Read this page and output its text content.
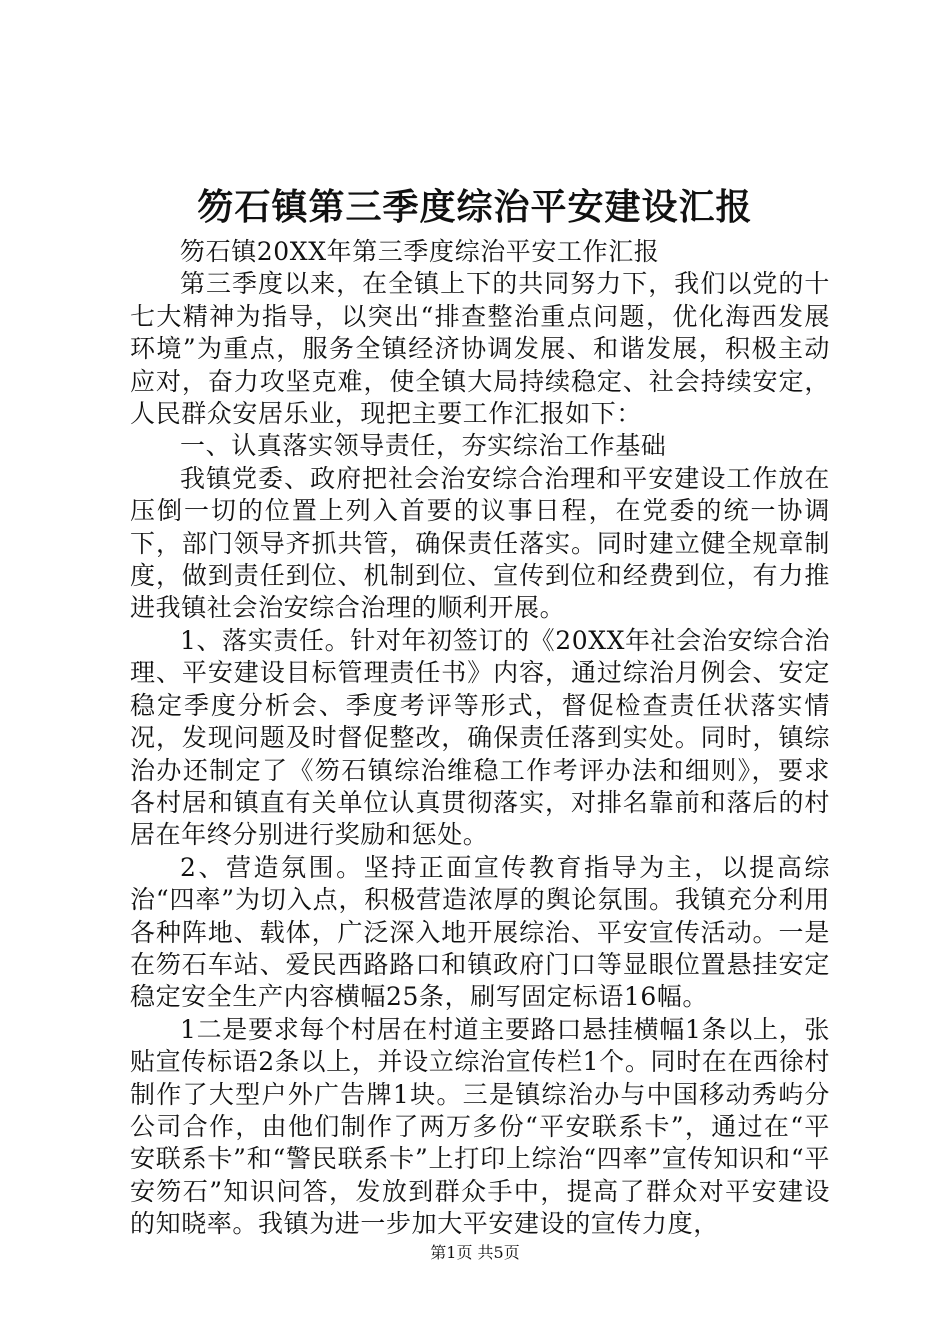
笏石镇第三季度综治平安建设汇报

笏石镇20XX年第三季度综治平安工作汇报

第三季度以来，在全镇上下的共同努力下，我们以党的十七大精神为指导，以突出“排查整治重点问题，优化海西发展环境”为重点，服务全镇经济协调发展、和谐发展，积极主动应对，奋力攻坚克难，使全镇大局持续稳定、社会持续安定，人民群众安居乐业，现把主要工作汇报如下：

一、认真落实领导责任，夯实综治工作基础

我镇党委、政府把社会治安综合治理和平安建设工作放在压倒一切的位置上列入首要的议事日程，在党委的统一协调下，部门领导齐抓共管，确保责任落实。同时建立健全规章制度，做到责任到位、机制到位、宣传到位和经费到位，有力推进我镇社会治安综合治理的顺利开展。

1、落实责任。针对年初签订的《20XX年社会治安综合治理、平安建设目标管理责任书》内容，通过综治月例会、安定稳定季度分析会、季度考评等形式，督促检查责任状落实情况，发现问题及时督促整改，确保责任落到实处。同时，镇综治办还制定了《笏石镇综治维稳工作考评办法和细则》，要求各村居和镇直有关单位认真贯彻落实，对排名靠前和落后的村居在年终分别进行奖励和惩处。

2、营造氛围。坚持正面宣传教育指导为主，以提高综治“四率”为切入点，积极营造浓厚的舆论氛围。我镇充分利用各种阵地、载体，广泛深入地开展综治、平安宣传活动。一是在笏石车站、爱民西路路口和镇政府门口等显眼位置悬挂安定稳定安全生产内容横幅25条，刷写固定标语16幅。

1二是要求每个村居在村道主要路口悬挂横幅1条以上，张贴宣传标语2条以上，并设立综治宣传栏1个。同时在在西徐村制作了大型户外广告牌1块。三是镇综治办与中国移动秀屿分公司合作，由他们制作了两万多份“平安联系卡”，通过在“平安联系卡”和“警民联系卡”上打印上综治“四率”宣传知识和“平安笏石”知识问答，发放到群众手中，提高了群众对平安建设的知晓率。我镇为进一步加大平安建设的宣传力度，

第1页 共5页
